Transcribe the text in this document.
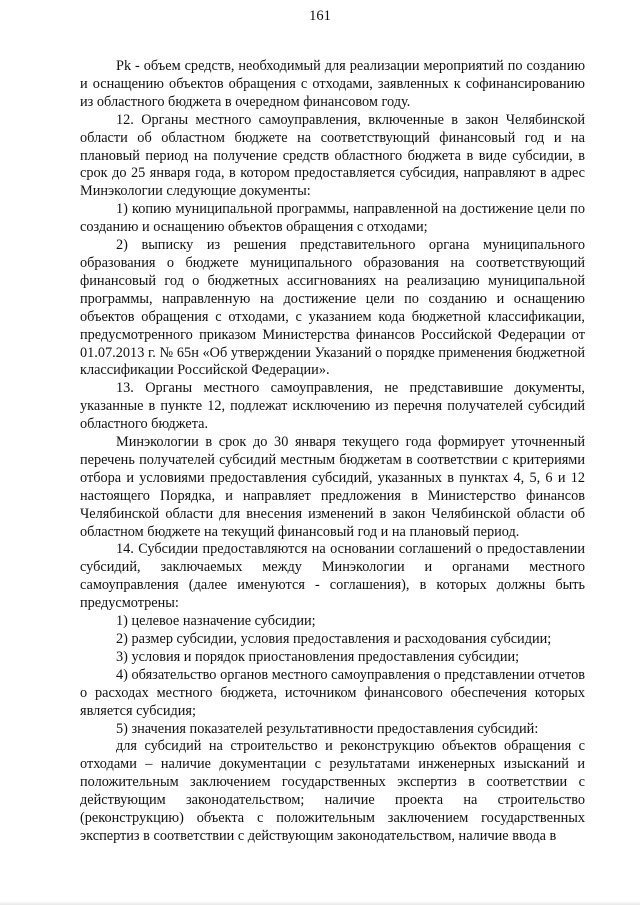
161

Pk - объем средств, необходимый для реализации мероприятий по созданию и оснащению объектов обращения с отходами, заявленных к софинансированию из областного бюджета в очередном финансовом году.

12. Органы местного самоуправления, включенные в закон Челябинской области об областном бюджете на соответствующий финансовый год и на плановый период на получение средств областного бюджета в виде субсидии, в срок до 25 января года, в котором предоставляется субсидия, направляют в адрес Минэкологии следующие документы:

1) копию муниципальной программы, направленной на достижение цели по созданию и оснащению объектов обращения с отходами;

2) выписку из решения представительного органа муниципального образования о бюджете муниципального образования на соответствующий финансовый год о бюджетных ассигнованиях на реализацию муниципальной программы, направленную на достижение цели по созданию и оснащению объектов обращения с отходами, с указанием кода бюджетной классификации, предусмотренного приказом Министерства финансов Российской Федерации от 01.07.2013 г. № 65н «Об утверждении Указаний о порядке применения бюджетной классификации Российской Федерации».

13. Органы местного самоуправления, не представившие документы, указанные в пункте 12, подлежат исключению из перечня получателей субсидий областного бюджета.

Минэкологии в срок до 30 января текущего года формирует уточненный перечень получателей субсидий местным бюджетам в соответствии с критериями отбора и условиями предоставления субсидий, указанных в пунктах 4, 5, 6 и 12 настоящего Порядка, и направляет предложения в Министерство финансов Челябинской области для внесения изменений в закон Челябинской области об областном бюджете на текущий финансовый год и на плановый период.

14. Субсидии предоставляются на основании соглашений о предоставлении субсидий, заключаемых между Минэкологии и органами местного самоуправления (далее именуются - соглашения), в которых должны быть предусмотрены:

1) целевое назначение субсидии;

2) размер субсидии, условия предоставления и расходования субсидии;

3) условия и порядок приостановления предоставления субсидии;

4) обязательство органов местного самоуправления о представлении отчетов о расходах местного бюджета, источником финансового обеспечения которых является субсидия;

5) значения показателей результативности предоставления субсидий:

для субсидий на строительство и реконструкцию объектов обращения с отходами – наличие документации с результатами инженерных изысканий и положительным заключением государственных экспертиз в соответствии с действующим законодательством; наличие проекта на строительство (реконструкцию) объекта с положительным заключением государственных экспертиз в соответствии с действующим законодательством, наличие ввода в
